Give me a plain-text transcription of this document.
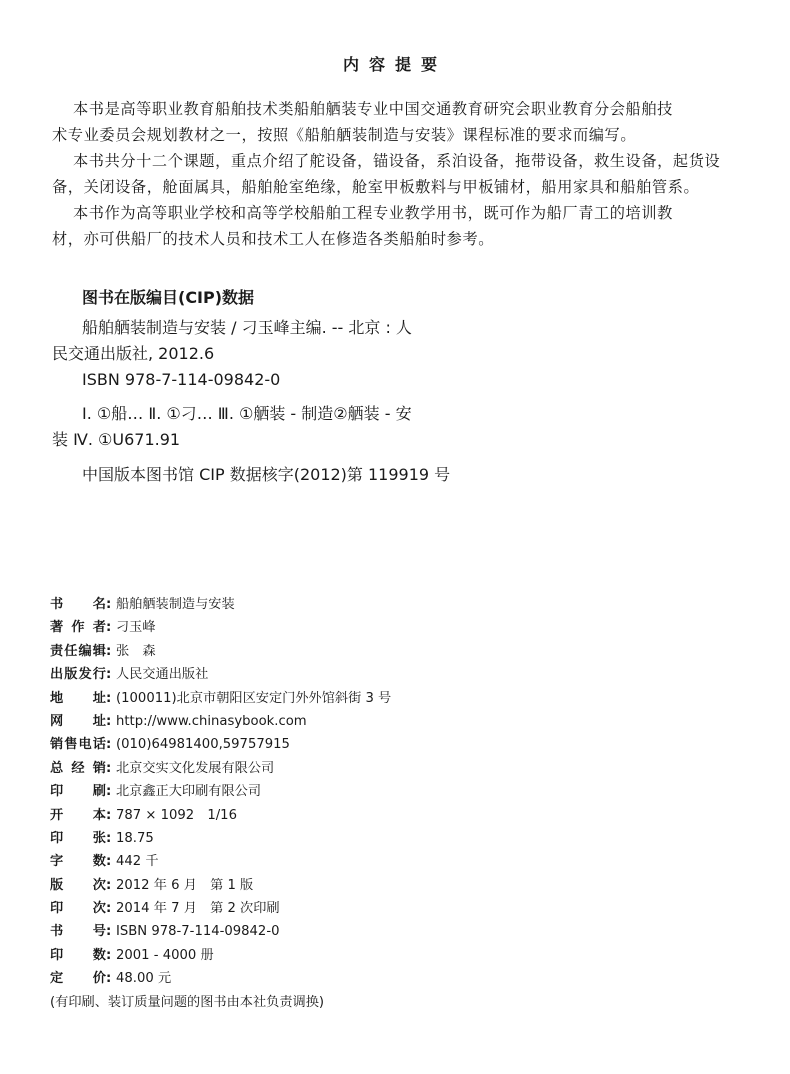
内容提要
本书是高等职业教育船舶技术类船舶舾装专业中国交通教育研究会职业教育分会船舶技
术专业委员会规划教材之一，按照《船舶舾装制造与安装》课程标准的要求而编写。
本书共分十二个课题，重点介绍了舵设备，锚设备，系泊设备，拖带设备，救生设备，起货设
备，关闭设备，舱面属具，船舶舱室绝缘，舱室甲板敷料与甲板铺材，船用家具和船舶管系。
本书作为高等职业学校和高等学校船舶工程专业教学用书，既可作为船厂青工的培训教
材，亦可供船厂的技术人员和技术工人在修造各类船舶时参考。
图书在版编目(CIP)数据
船舶舾装制造与安装 / 刁玉峰主编. -- 北京 : 人
民交通出版社, 2012.6
ISBN 978-7-114-09842-0
Ⅰ. ①船… Ⅱ. ①刁… Ⅲ. ①舾装 - 制造②舾装 - 安
装 Ⅳ. ①U671.91
中国版本图书馆 CIP 数据核字(2012)第 119919 号
书名 : 船舶舾装制造与安装
著作者 : 刁玉峰
责任编辑 : 张　森
出版发行 : 人民交通出版社
地址 : (100011)北京市朝阳区安定门外外馆斜街 3 号
网址 : http://www.chinasybook.com
销售电话 : (010)64981400,59757915
总经销 : 北京交实文化发展有限公司
印刷 : 北京鑫正大印刷有限公司
开本 : 787 × 1092　1/16
印张 : 18.75
字数 : 442 千
版次 : 2012 年 6 月　第 1 版
印次 : 2014 年 7 月　第 2 次印刷
书号 : ISBN 978-7-114-09842-0
印数 : 2001 - 4000 册
定价 : 48.00 元
(有印刷、装订质量问题的图书由本社负责调换)
